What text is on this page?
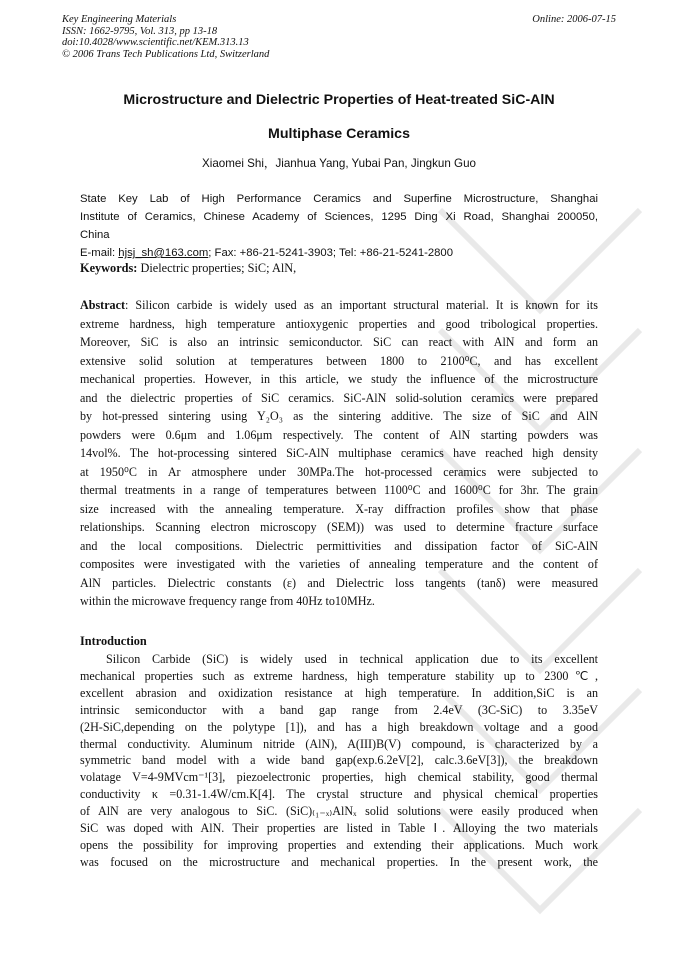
Key Engineering Materials
ISSN: 1662-9795, Vol. 313, pp 13-18
doi:10.4028/www.scientific.net/KEM.313.13
© 2006 Trans Tech Publications Ltd, Switzerland
Online: 2006-07-15
Microstructure and Dielectric Properties of Heat-treated SiC-AlN
Multiphase Ceramics
Xiaomei Shi，Jianhua Yang, Yubai Pan, Jingkun Guo
State Key Lab of High Performance Ceramics and Superfine Microstructure, Shanghai
Institute of Ceramics, Chinese Academy of Sciences, 1295 Ding Xi Road, Shanghai 200050,
China
E-mail: hjsj_sh@163.com; Fax: +86-21-5241-3903; Tel: +86-21-5241-2800
Keywords: Dielectric properties; SiC; AlN,
Abstract: Silicon carbide is widely used as an important structural material. It is known for its
extreme hardness, high temperature antioxygenic properties and good tribological properties.
Moreover, SiC is also an intrinsic semiconductor. SiC can react with AlN and form an
extensive solid solution at temperatures between 1800 to 2100⁰C, and has excellent
mechanical properties. However, in this article, we study the influence of the microstructure
and the dielectric properties of SiC ceramics. SiC-AlN solid-solution ceramics were prepared
by hot-pressed sintering using Y₂O₃ as the sintering additive. The size of SiC and AlN
powders were 0.6μm and 1.06μm respectively. The content of AlN starting powders was
14vol%. The hot-processing sintered SiC-AlN multiphase ceramics have reached high density
at 1950⁰C in Ar atmosphere under 30MPa.The hot-processed ceramics were subjected to
thermal treatments in a range of temperatures between 1100⁰C and 1600⁰C for 3hr. The grain
size increased with the annealing temperature. X-ray diffraction profiles show that phase
relationships. Scanning electron microscopy (SEM)) was used to determine fracture surface
and the local compositions. Dielectric permittivities and dissipation factor of SiC-AlN
composites were investigated with the varieties of annealing temperature and the content of
AlN particles. Dielectric constants (ε) and Dielectric loss tangents (tanδ) were measured
within the microwave frequency range from 40Hz to10MHz.
Introduction
Silicon Carbide (SiC) is widely used in technical application due to its excellent
mechanical properties such as extreme hardness, high temperature stability up to 2300℃,
excellent abrasion and oxidization resistance at high temperature. In addition,SiC is an
intrinsic semiconductor with a band gap range from 2.4eV (3C-SiC) to 3.35eV
(2H-SiC,depending on the polytype [1]), and has a high breakdown voltage and a good
thermal conductivity. Aluminum nitride (AlN), A(III)B(V) compound, is characterized by a
symmetric band model with a wide band gap(exp.6.2eV[2], calc.3.6eV[3]), the breakdown
volatage V=4-9MVcm⁻¹[3], piezoelectronic properties, high chemical stability, good thermal
conductivity κ =0.31-1.4W/cm.K[4]. The crystal structure and physical chemical properties
of AlN are very analogous to SiC. (SiC)₍₁₋ₓ₎AlNₓ solid solutions were easily produced when
SiC was doped with AlN. Their properties are listed in Table Ⅰ. Alloying the two materials
opens the possibility for improving properties and extending their applications. Much work
was focused on the microstructure and mechanical properties. In the present work, the
